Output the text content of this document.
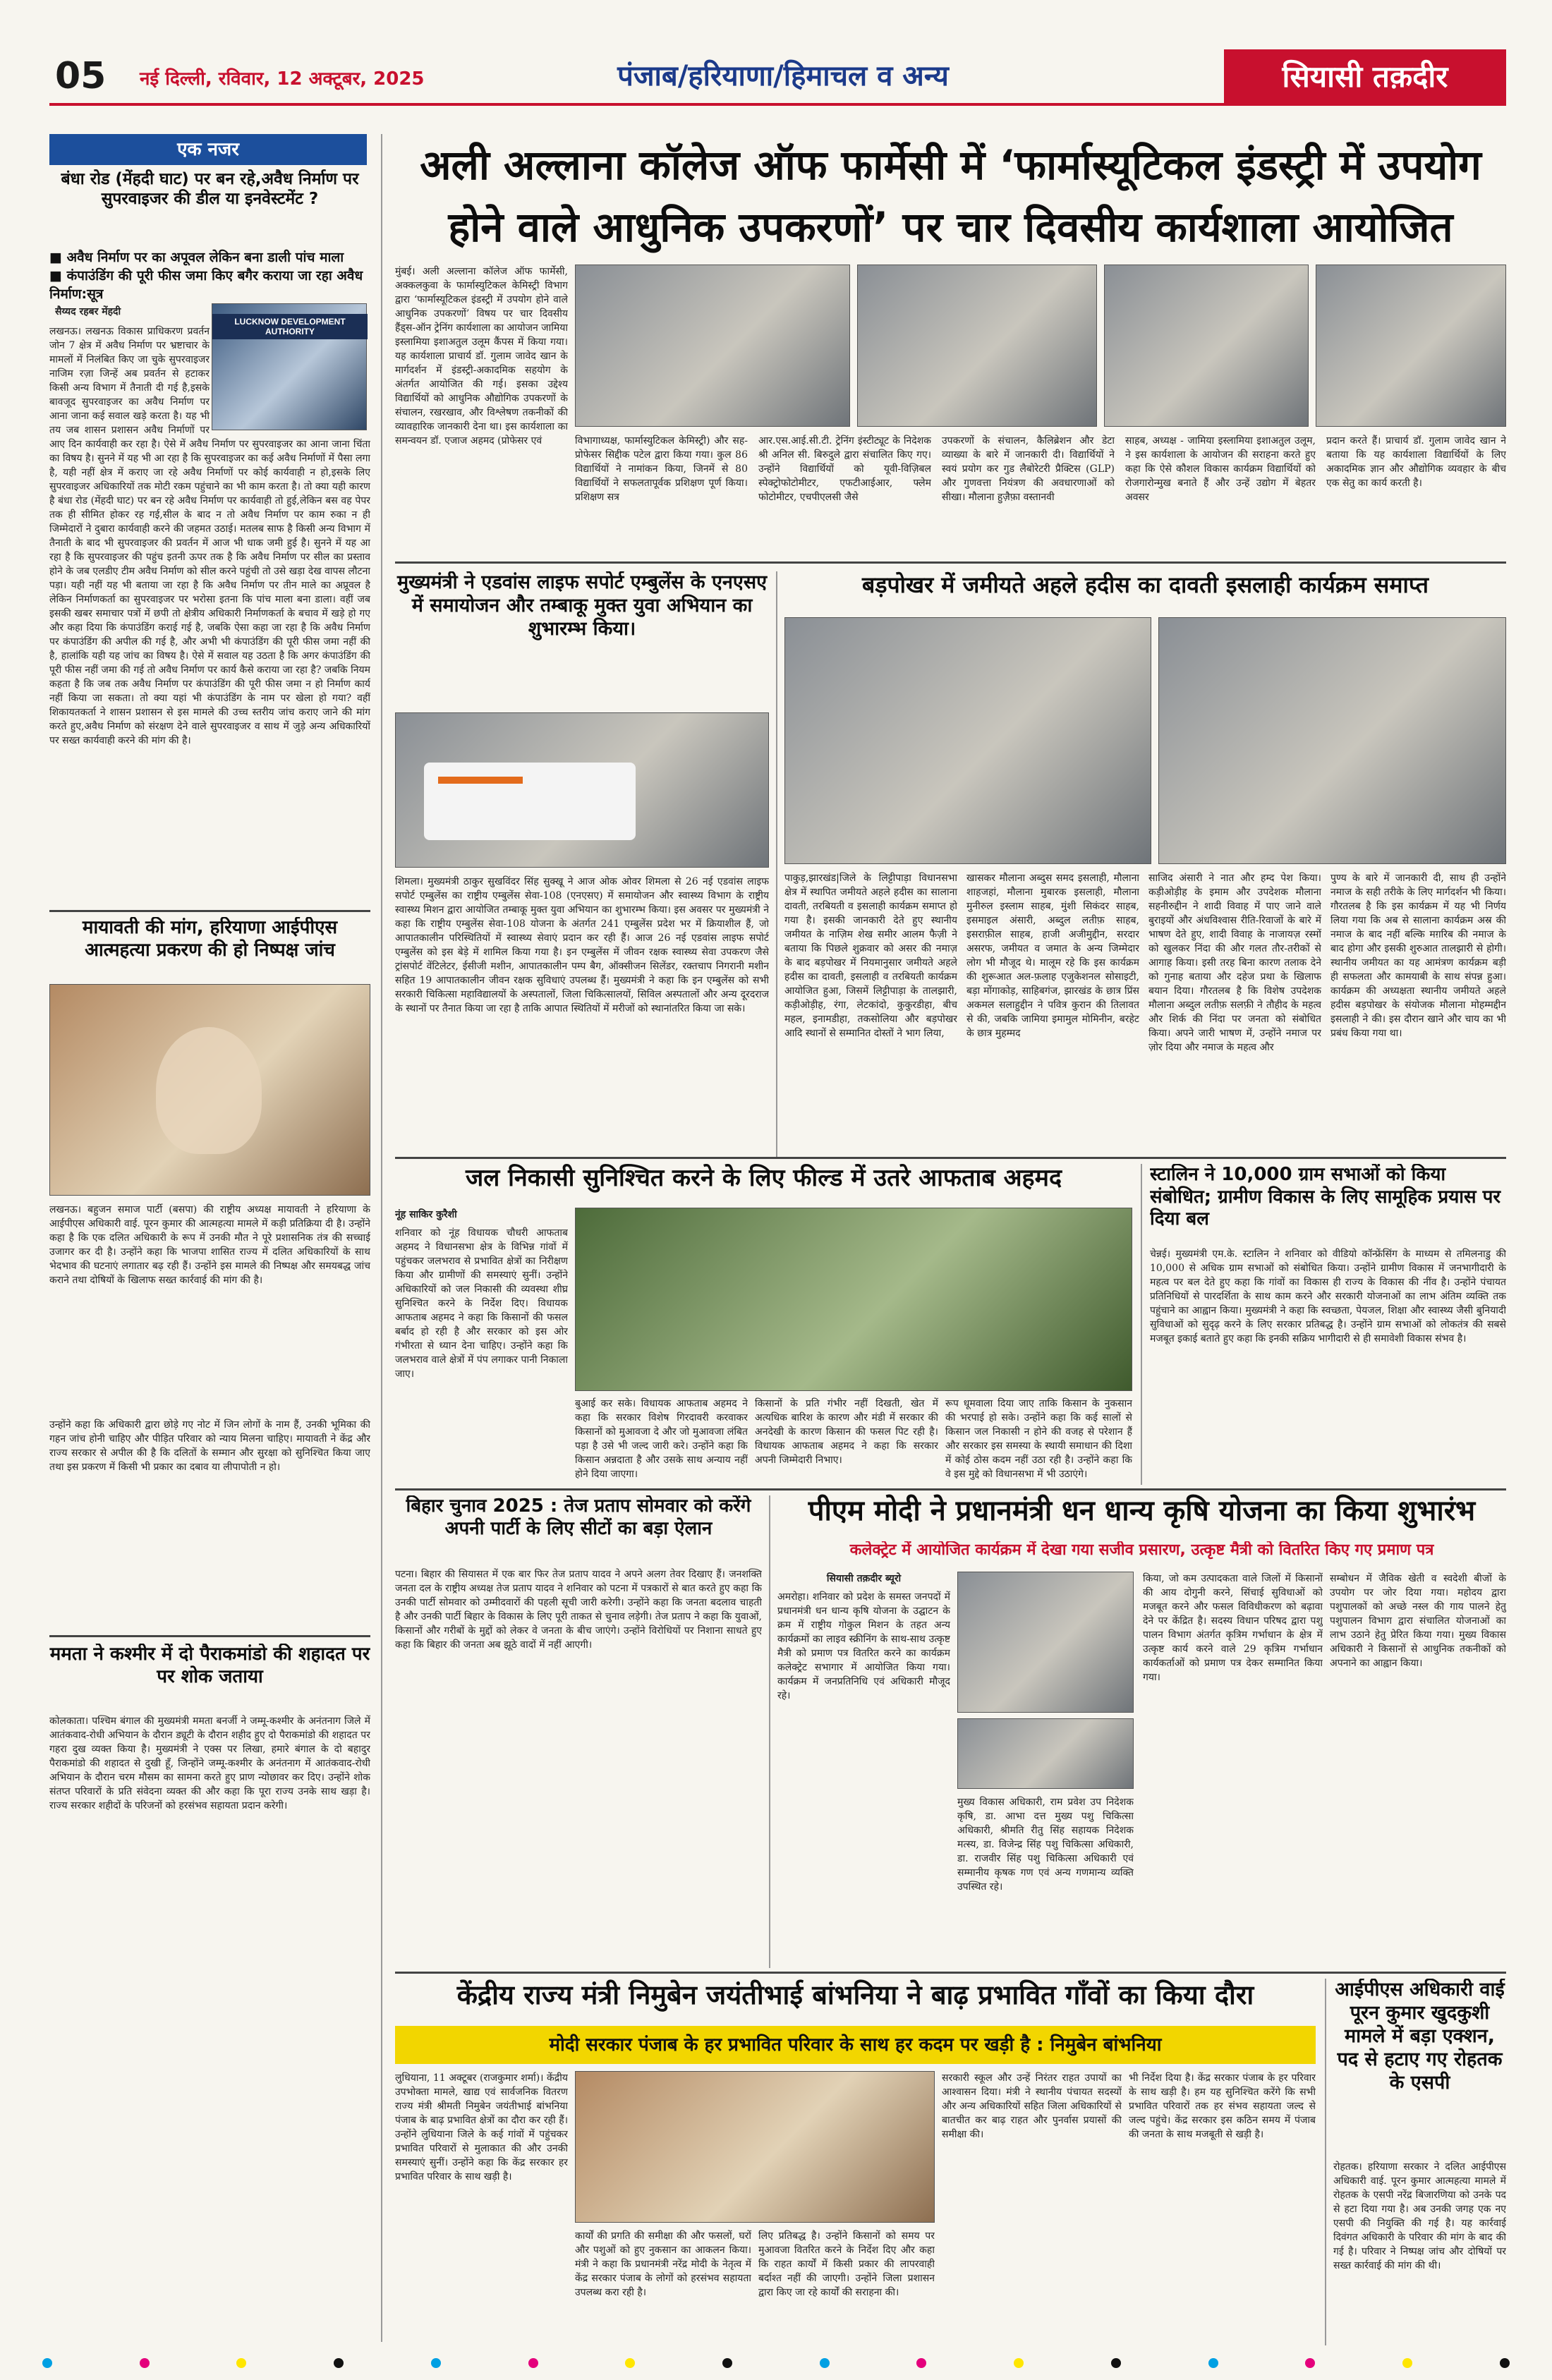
05	नई दिल्ली, रविवार, 12 अक्टूबर, 2025	पंजाब/हरियाणा/हिमाचल व अन्य	सियासी तक़दीर
एक नजर
बंधा रोड (मेंहदी घाट) पर बन रहे,अवैध निर्माण पर सुपरवाइजर की डील या इनवेस्टमेंट ?
■ अवैध निर्माण पर का अपूवल लेकिन बना डाली पांच माला
■ कंपाउंडिंग की पूरी फीस जमा किए बगैर कराया जा रहा अवैध निर्माण:सूत्र
सैय्यद रहबर मेंहदी
LUCKNOW DEVELOPMENT AUTHORITY
लखनऊ। लखनऊ विकास प्राधिकरण प्रवर्तन जोन 7 क्षेत्र में अवैध निर्माण पर भ्रष्टाचार के मामलों में निलंबित किए जा चुके सुपरवाइजर नाजिम रज़ा जिन्हें अब प्रवर्तन से हटाकर किसी अन्य विभाग में तैनाती दी गई है,इसके बावजूद सुपरवाइजर का अवैध निर्माण पर आना जाना कई सवाल खड़े करता है। यह भी तय जब शासन प्रशासन अवैध निर्माणों पर आए दिन कार्यवाही कर रहा है। ऐसे में अवैध निर्माण पर सुपरवाइजर का आना जाना चिंता का विषय है। सुनने में यह भी आ रहा है कि सुपरवाइजर का कई अवैध निर्माणों में पैसा लगा है, यही नहीं क्षेत्र में कराए जा रहे अवैध निर्माणों पर कोई कार्यवाही न हो,इसके लिए सुपरवाइजर अधिकारियों तक मोटी रकम पहुंचाने का भी काम करता है। तो क्या यही कारण है बंधा रोड (मेंहदी घाट) पर बन रहे अवैध निर्माण पर कार्यवाही तो हुई,लेकिन बस वह पेपर तक ही सीमित होकर रह गई,सील के बाद न तो अवैध निर्माण पर काम रुका न ही जिम्मेदारों ने दुबारा कार्यवाही करने की जहमत उठाई। मतलब साफ है किसी अन्य विभाग में तैनाती के बाद भी सुपरवाइजर की प्रवर्तन में आज भी धाक जमी हुई है। सुनने में यह आ रहा है कि सुपरवाइजर की पहुंच इतनी ऊपर तक है कि अवैध निर्माण पर सील का प्रस्ताव होने के जब एलडीए टीम अवैध निर्माण को सील करने पहुंची तो उसे खड़ा देख वापस लौटना पड़ा। यही नहीं यह भी बताया जा रहा है कि अवैध निर्माण पर तीन माले का अप्रूवल है लेकिन निर्माणकर्ता का सुपरवाइजर पर भरोसा इतना कि पांच माला बना डाला। वहीं जब इसकी खबर समाचार पत्रों में छपी तो क्षेत्रीय अधिकारी निर्माणकर्ता के बचाव में खड़े हो गए और कहा दिया कि कंपाउंडिंग कराई गई है, जबकि ऐसा कहा जा रहा है कि अवैध निर्माण पर कंपाउंडिंग की अपील की गई है, और अभी भी कंपाउंडिंग की पूरी फीस जमा नहीं की है, हालांकि यही यह जांच का विषय है। ऐसे में सवाल यह उठता है कि अगर कंपाउंडिंग की पूरी फीस नहीं जमा की गई तो अवैध निर्माण पर कार्य कैसे कराया जा रहा है? जबकि नियम कहता है कि जब तक अवैध निर्माण पर कंपाउंडिंग की पूरी फीस जमा न हो निर्माण कार्य नहीं किया जा सकता। तो क्या यहां भी कंपाउंडिंग के नाम पर खेला हो गया? वहीं शिकायतकर्ता ने शासन प्रशासन से इस मामले की उच्च स्तरीय जांच कराए जाने की मांग करते हुए,अवैध निर्माण को संरक्षण देने वाले सुपरवाइजर व साथ में जुड़े अन्य अधिकारियों पर सख्त कार्यवाही करने की मांग की है।
मायावती की मांग, हरियाणा आईपीएस आत्महत्या प्रकरण की हो निष्पक्ष जांच
लखनऊ। बहुजन समाज पार्टी (बसपा) की राष्ट्रीय अध्यक्ष मायावती ने हरियाणा के आईपीएस अधिकारी वाई. पूरन कुमार की आत्महत्या मामले में कड़ी प्रतिक्रिया दी है। उन्होंने कहा है कि एक दलित अधिकारी के रूप में उनकी मौत ने पूरे प्रशासनिक तंत्र की सच्चाई उजागर कर दी है। उन्होंने कहा कि भाजपा शासित राज्य में दलित अधिकारियों के साथ भेदभाव की घटनाएं लगातार बढ़ रही हैं। उन्होंने इस मामले की निष्पक्ष और समयबद्ध जांच कराने तथा दोषियों के खिलाफ सख्त कार्रवाई की मांग की है।
उन्होंने कहा कि अधिकारी द्वारा छोड़े गए नोट में जिन लोगों के नाम हैं, उनकी भूमिका की गहन जांच होनी चाहिए और पीड़ित परिवार को न्याय मिलना चाहिए। मायावती ने केंद्र और राज्य सरकार से अपील की है कि दलितों के सम्मान और सुरक्षा को सुनिश्चित किया जाए तथा इस प्रकरण में किसी भी प्रकार का दबाव या लीपापोती न हो।
ममता ने कश्मीर में दो पैराकमांडो की शहादत पर पर शोक जताया
कोलकाता। पश्चिम बंगाल की मुख्यमंत्री ममता बनर्जी ने जम्मू-कश्मीर के अनंतनाग जिले में आतंकवाद-रोधी अभियान के दौरान ड्यूटी के दौरान शहीद हुए दो पैराकमांडो की शहादत पर गहरा दुख व्यक्त किया है। मुख्यमंत्री ने एक्स पर लिखा, हमारे बंगाल के दो बहादुर पैराकमांडो की शहादत से दुखी हूँ, जिन्होंने जम्मू-कश्मीर के अनंतनाग में आतंकवाद-रोधी अभियान के दौरान चरम मौसम का सामना करते हुए प्राण न्योछावर कर दिए। उन्होंने शोक संतप्त परिवारों के प्रति संवेदना व्यक्त की और कहा कि पूरा राज्य उनके साथ खड़ा है। राज्य सरकार शहीदों के परिजनों को हरसंभव सहायता प्रदान करेगी।
अली अल्लाना कॉलेज ऑफ फार्मेसी में ‘फार्मास्यूटिकल इंडस्ट्री में उपयोग होने वाले आधुनिक उपकरणों’ पर चार दिवसीय कार्यशाला आयोजित
मुंबई। अली अल्लाना कॉलेज ऑफ फार्मेसी, अक्कलकुवा के फार्मास्युटिकल केमिस्ट्री विभाग द्वारा ‘फार्मास्यूटिकल इंडस्ट्री में उपयोग होने वाले आधुनिक उपकरणों’ विषय पर चार दिवसीय हैंड्स-ऑन ट्रेनिंग कार्यशाला का आयोजन जामिया इस्लामिया इशाअतुल उलूम कैंपस में किया गया। यह कार्यशाला प्राचार्य डॉ. गुलाम जावेद खान के मार्गदर्शन में इंडस्ट्री-अकादमिक सहयोग के अंतर्गत आयोजित की गई। इसका उद्देश्य विद्यार्थियों को आधुनिक औद्योगिक उपकरणों के संचालन, रखरखाव, और विश्लेषण तकनीकों की व्यावहारिक जानकारी देना था। इस कार्यशाला का समन्वयन डॉ. एजाज अहमद (प्रोफेसर एवं	विभागाध्यक्ष, फार्मास्युटिकल केमिस्ट्री) और सह-प्रोफेसर सिद्दीक पटेल द्वारा किया गया। कुल 86 विद्यार्थियों ने नामांकन किया, जिनमें से 80 विद्यार्थियों ने सफलतापूर्वक प्रशिक्षण पूर्ण किया। प्रशिक्षण सत्र
आर.एस.आई.सी.टी. ट्रेनिंग इंस्टीट्यूट के निदेशक श्री अनिल सी. बिरुदुले द्वारा संचालित किए गए। उन्होंने विद्यार्थियों को यूवी-विज़िबल स्पेक्ट्रोफोटोमीटर, एफटीआईआर, फ्लेम फोटोमीटर, एचपीएलसी जैसे
उपकरणों के संचालन, कैलिब्रेशन और डेटा व्याख्या के बारे में जानकारी दी। विद्यार्थियों ने स्वयं प्रयोग कर गुड लैबोरेटरी प्रैक्टिस (GLP) और गुणवत्ता नियंत्रण की अवधारणाओं को सीखा। मौलाना हुज़ैफ़ा वस्तानवी
साहब, अध्यक्ष - जामिया इस्लामिया इशाअतुल उलूम, ने इस कार्यशाला के आयोजन की सराहना करते हुए कहा कि ऐसे कौशल विकास कार्यक्रम विद्यार्थियों को रोजगारोन्मुख बनाते हैं और उन्हें उद्योग में बेहतर अवसर
प्रदान करते हैं। प्राचार्य डॉ. गुलाम जावेद खान ने बताया कि यह कार्यशाला विद्यार्थियों के लिए अकादमिक ज्ञान और औद्योगिक व्यवहार के बीच एक सेतु का कार्य करती है।
मुख्यमंत्री ने एडवांस लाइफ सपोर्ट एम्बुलेंस के एनएसए में समायोजन और तम्बाकू मुक्त युवा अभियान का शुभारम्भ किया।
शिमला। मुख्यमंत्री ठाकुर सुखविंदर सिंह सुक्खू ने आज ओक ओवर शिमला से 26 नई एडवांस लाइफ सपोर्ट एम्बुलेंस का राष्ट्रीय एम्बुलेंस सेवा-108 (एनएसए) में समायोजन और स्वास्थ्य विभाग के राष्ट्रीय स्वास्थ्य मिशन द्वारा आयोजित तम्बाकू मुक्त युवा अभियान का शुभारम्भ किया। इस अवसर पर मुख्यमंत्री ने कहा कि राष्ट्रीय एम्बुलेंस सेवा-108 योजना के अंतर्गत 241 एम्बुलेंस प्रदेश भर में क्रियाशील हैं, जो आपातकालीन परिस्थितियों में स्वास्थ्य सेवाएं प्रदान कर रही हैं। आज 26 नई एडवांस लाइफ सपोर्ट एम्बुलेंस को इस बेड़े में शामिल किया गया है। इन एम्बुलेंस में जीवन रक्षक स्वास्थ्य सेवा उपकरण जैसे ट्रांसपोर्ट वेंटिलेटर, ईसीजी मशीन, आपातकालीन पम्प बैग, ऑक्सीजन सिलेंडर, रक्तचाप निगरानी मशीन सहित 19 आपातकालीन जीवन रक्षक सुविधाएं उपलब्ध हैं। मुख्यमंत्री ने कहा कि इन एम्बुलेंस को सभी सरकारी चिकित्सा महाविद्यालयों के अस्पतालों, जिला चिकित्सालयों, सिविल अस्पतालों और अन्य दूरदराज के स्थानों पर तैनात किया जा रहा है ताकि आपात स्थितियों में मरीजों को स्थानांतरित किया जा सके।
बड़पोखर में जमीयते अहले हदीस का दावती इसलाही कार्यक्रम समाप्त
पाकुड़,झारखंड|जिले के लिट्टीपाड़ा विधानसभा क्षेत्र में स्थापित जमीयते अहले हदीस का सालाना दावती, तरबियती व इसलाही कार्यक्रम समाप्त हो गया है। इसकी जानकारी देते हुए स्थानीय जमीयत के नाज़िम शेख समीर आलम फैज़ी ने बताया कि पिछले शुक्रवार को असर की नमाज़ के बाद बड़पोखर में नियमानुसार जमीयते अहले हदीस का दावती, इसलाही व तरबियती कार्यक्रम आयोजित हुआ, जिसमें लिट्टीपाड़ा के तालझारी, कड़ीओड़ीह, रंगा, लेटकांदो, कुकुरडीहा, बीच महल, इनामडीहा, तकसोलिया और बड़पोखर आदि स्थानों से सम्मानित दोस्तों ने भाग लिया,
खासकर मौलाना अब्दुस समद इसलाही, मौलाना शाहजहां, मौलाना मुबारक इसलाही, मौलाना मुनीरुल इस्लाम साहब, मुंशी सिकंदर साहब, इसमाइल अंसारी, अब्दुल लतीफ़ साहब, इसराफ़ील साहब, हाजी अजीमुद्दीन, सरदार असरफ, जमीयत व जमात के अन्य जिम्मेदार लोग भी मौजूद थे। मालूम रहे कि इस कार्यक्रम की शुरूआत अल-फ़लाह एजुकेशनल सोसाइटी, बड़ा मोंगाकोड़, साहिबगंज, झारखंड के छात्र प्रिंस अकमल सलाहुद्दीन ने पवित्र कुरान की तिलावत से की, जबकि जामिया इमामुल मोमिनीन, बरहेट के छात्र मुहम्मद
साजिद अंसारी ने नात और हम्द पेश किया। कड़ीओड़ीह के इमाम और उपदेशक मौलाना सहनीरुद्दीन ने शादी विवाह में पाए जाने वाले बुराइयों और अंधविश्वास रीति-रिवाजों के बारे में भाषण देते हुए, शादी विवाह के नाजायज़ रस्मों को खुलकर निंदा की और गलत तौर-तरीकों से आगाह किया। इसी तरह बिना कारण तलाक देने को गुनाह बताया और दहेज प्रथा के खिलाफ बयान दिया। गौरतलब है कि विशेष उपदेशक मौलाना अब्दुल लतीफ़ सलफ़ी ने तौहीद के महत्व और शिर्क की निंदा पर जनता को संबोधित किया। अपने जारी भाषण में, उन्होंने नमाज पर ज़ोर दिया और नमाज के महत्व और
पुण्य के बारे में जानकारी दी, साथ ही उन्होंने नमाज के सही तरीके के लिए मार्गदर्शन भी किया। गौरतलब है कि इस कार्यक्रम में यह भी निर्णय लिया गया कि अब से सालाना कार्यक्रम अस्र की नमाज के बाद नहीं बल्कि मग़रिब की नमाज के बाद होगा और इसकी शुरुआत तालझारी से होगी। स्थानीय जमीयत का यह आमंत्रण कार्यक्रम बड़ी ही सफलता और कामयाबी के साथ संपन्न हुआ। कार्यक्रम की अध्यक्षता स्थानीय जमीयते अहले हदीस बड़पोखर के संयोजक मौलाना मोहम्मद्दीन इसलाही ने की। इस दौरान खाने और चाय का भी प्रबंध किया गया था।
जल निकासी सुनिश्चित करने के लिए फील्ड में उतरे आफताब अहमद
नूंह साकिर कुरैशी
शनिवार को नूंह विधायक चौधरी आफताब अहमद ने विधानसभा क्षेत्र के विभिन्न गांवों में पहुंचकर जलभराव से प्रभावित क्षेत्रों का निरीक्षण किया और ग्रामीणों की समस्याएं सुनीं। उन्होंने अधिकारियों को जल निकासी की व्यवस्था शीघ्र सुनिश्चित करने के निर्देश दिए। विधायक आफताब अहमद ने कहा कि किसानों की फसल बर्बाद हो रही है और सरकार को इस ओर गंभीरता से ध्यान देना चाहिए। उन्होंने कहा कि जलभराव वाले क्षेत्रों में पंप लगाकर पानी निकाला जाए।
बुआई कर सके। विधायक आफताब अहमद ने कहा कि सरकार विशेष गिरदावरी करवाकर किसानों को मुआवजा दे और जो मुआवजा लंबित पड़ा है उसे भी जल्द जारी करे। उन्होंने कहा कि किसान अन्नदाता है और उसके साथ अन्याय नहीं होने दिया जाएगा।
किसानों के प्रति गंभीर नहीं दिखती, खेत में अत्यधिक बारिश के कारण और मंडी में सरकार की अनदेखी के कारण किसान की फसल पिट रही है। विधायक आफताब अहमद ने कहा कि सरकार अपनी जिम्मेदारी निभाए।
रूप धूमवाला दिया जाए ताकि किसान के नुकसान की भरपाई हो सके। उन्होंने कहा कि कई सालों से किसान जल निकासी न होने की वजह से परेशान हैं और सरकार इस समस्या के स्थायी समाधान की दिशा में कोई ठोस कदम नहीं उठा रही है। उन्होंने कहा कि वे इस मुद्दे को विधानसभा में भी उठाएंगे।
स्टालिन ने 10,000 ग्राम सभाओं को किया संबोधित; ग्रामीण विकास के लिए सामूहिक प्रयास पर दिया बल
चेन्नई। मुख्यमंत्री एम.के. स्टालिन ने शनिवार को वीडियो कॉन्फ्रेंसिंग के माध्यम से तमिलनाडु की 10,000 से अधिक ग्राम सभाओं को संबोधित किया। उन्होंने ग्रामीण विकास में जनभागीदारी के महत्व पर बल देते हुए कहा कि गांवों का विकास ही राज्य के विकास की नींव है। उन्होंने पंचायत प्रतिनिधियों से पारदर्शिता के साथ काम करने और सरकारी योजनाओं का लाभ अंतिम व्यक्ति तक पहुंचाने का आह्वान किया। मुख्यमंत्री ने कहा कि स्वच्छता, पेयजल, शिक्षा और स्वास्थ्य जैसी बुनियादी सुविधाओं को सुदृढ़ करने के लिए सरकार प्रतिबद्ध है। उन्होंने ग्राम सभाओं को लोकतंत्र की सबसे मजबूत इकाई बताते हुए कहा कि इनकी सक्रिय भागीदारी से ही समावेशी विकास संभव है।
बिहार चुनाव 2025 : तेज प्रताप सोमवार को करेंगे अपनी पार्टी के लिए सीटों का बड़ा ऐलान
पटना। बिहार की सियासत में एक बार फिर तेज प्रताप यादव ने अपने अलग तेवर दिखाए हैं। जनशक्ति जनता दल के राष्ट्रीय अध्यक्ष तेज प्रताप यादव ने शनिवार को पटना में पत्रकारों से बात करते हुए कहा कि उनकी पार्टी सोमवार को उम्मीदवारों की पहली सूची जारी करेगी। उन्होंने कहा कि जनता बदलाव चाहती है और उनकी पार्टी बिहार के विकास के लिए पूरी ताकत से चुनाव लड़ेगी। तेज प्रताप ने कहा कि युवाओं, किसानों और गरीबों के मुद्दों को लेकर वे जनता के बीच जाएंगे। उन्होंने विरोधियों पर निशाना साधते हुए कहा कि बिहार की जनता अब झूठे वादों में नहीं आएगी।
पीएम मोदी ने प्रधानमंत्री धन धान्य कृषि योजना का किया शुभारंभ
कलेक्ट्रेट में आयोजित कार्यक्रम में देखा गया सजीव प्रसारण, उत्कृष्ट मैत्री को वितरित किए गए प्रमाण पत्र
सियासी तक़दीर ब्यूरो
अमरोहा। शनिवार को प्रदेश के समस्त जनपदों में प्रधानमंत्री धन धान्य कृषि योजना के उद्घाटन के क्रम में राष्ट्रीय गोकुल मिशन के तहत अन्य कार्यक्रमों का लाइव स्क्रीनिंग के साथ-साथ उत्कृष्ट मैत्री को प्रमाण पत्र वितरित करने का कार्यक्रम कलेक्ट्रेट सभागार में आयोजित किया गया। कार्यक्रम में जनप्रतिनिधि एवं अधिकारी मौजूद रहे।
मुख्य विकास अधिकारी, राम प्रवेश उप निदेशक कृषि, डा. आभा दत्त मुख्य पशु चिकित्सा अधिकारी, श्रीमति रीतु सिंह सहायक निदेशक मत्स्य, डा. विजेन्द्र सिंह पशु चिकित्सा अधिकारी, डा. राजवीर सिंह पशु चिकित्सा अधिकारी एवं सम्मानीय कृषक गण एवं अन्य गणमान्य व्यक्ति उपस्थित रहे।
किया, जो कम उत्पादकता वाले जिलों में किसानों की आय दोगुनी करने, सिंचाई सुविधाओं को मजबूत करने और फसल विविधीकरण को बढ़ावा देने पर केंद्रित है। सदस्य विधान परिषद द्वारा पशु पालन विभाग अंतर्गत कृत्रिम गर्भाधान के क्षेत्र में उत्कृष्ट कार्य करने वाले 29 कृत्रिम गर्भाधान कार्यकर्ताओं को प्रमाण पत्र देकर सम्मानित किया गया।
सम्बोधन में जैविक खेती व स्वदेशी बीजों के उपयोग पर जोर दिया गया। महोदय द्वारा पशुपालकों को अच्छे नस्ल की गाय पालने हेतु पशुपालन विभाग द्वारा संचालित योजनाओं का लाभ उठाने हेतु प्रेरित किया गया। मुख्य विकास अधिकारी ने किसानों से आधुनिक तकनीकों को अपनाने का आह्वान किया।
केंद्रीय राज्य मंत्री निमुबेन जयंतीभाई बांभनिया ने बाढ़ प्रभावित गाँवों का किया दौरा
मोदी सरकार पंजाब के हर प्रभावित परिवार के साथ हर कदम पर खड़ी है : निमुबेन बांभनिया
लुधियाना, 11 अक्टूबर (राजकुमार शर्मा)। केंद्रीय उपभोक्ता मामले, खाद्य एवं सार्वजनिक वितरण राज्य मंत्री श्रीमती निमुबेन जयंतीभाई बांभनिया पंजाब के बाढ़ प्रभावित क्षेत्रों का दौरा कर रही हैं। उन्होंने लुधियाना जिले के कई गांवों में पहुंचकर प्रभावित परिवारों से मुलाकात की और उनकी समस्याएं सुनीं। उन्होंने कहा कि केंद्र सरकार हर प्रभावित परिवार के साथ खड़ी है।
कार्यों की प्रगति की समीक्षा की और फसलों, घरों और पशुओं को हुए नुकसान का आकलन किया। मंत्री ने कहा कि प्रधानमंत्री नरेंद्र मोदी के नेतृत्व में केंद्र सरकार पंजाब के लोगों को हरसंभव सहायता उपलब्ध करा रही है।
लिए प्रतिबद्ध है। उन्होंने किसानों को समय पर मुआवजा वितरित करने के निर्देश दिए और कहा कि राहत कार्यों में किसी प्रकार की लापरवाही बर्दाश्त नहीं की जाएगी। उन्होंने जिला प्रशासन द्वारा किए जा रहे कार्यों की सराहना की।
सरकारी स्कूल और उन्हें निरंतर राहत उपायों का आश्वासन दिया। मंत्री ने स्थानीय पंचायत सदस्यों और अन्य अधिकारियों सहित जिला अधिकारियों से बातचीत कर बाढ़ राहत और पुनर्वास प्रयासों की समीक्षा की।
भी निर्देश दिया है। केंद्र सरकार पंजाब के हर परिवार के साथ खड़ी है। हम यह सुनिश्चित करेंगे कि सभी प्रभावित परिवारों तक हर संभव सहायता जल्द से जल्द पहुंचे। केंद्र सरकार इस कठिन समय में पंजाब की जनता के साथ मजबूती से खड़ी है।
आईपीएस अधिकारी वाई पूरन कुमार खुदकुशी मामले में बड़ा एक्शन, पद से हटाए गए रोहतक के एसपी
रोहतक। हरियाणा सरकार ने दलित आईपीएस अधिकारी वाई. पूरन कुमार आत्महत्या मामले में रोहतक के एसपी नरेंद्र बिजारणिया को उनके पद से हटा दिया गया है। अब उनकी जगह एक नए एसपी की नियुक्ति की गई है। यह कार्रवाई दिवंगत अधिकारी के परिवार की मांग के बाद की गई है। परिवार ने निष्पक्ष जांच और दोषियों पर सख्त कार्रवाई की मांग की थी।
